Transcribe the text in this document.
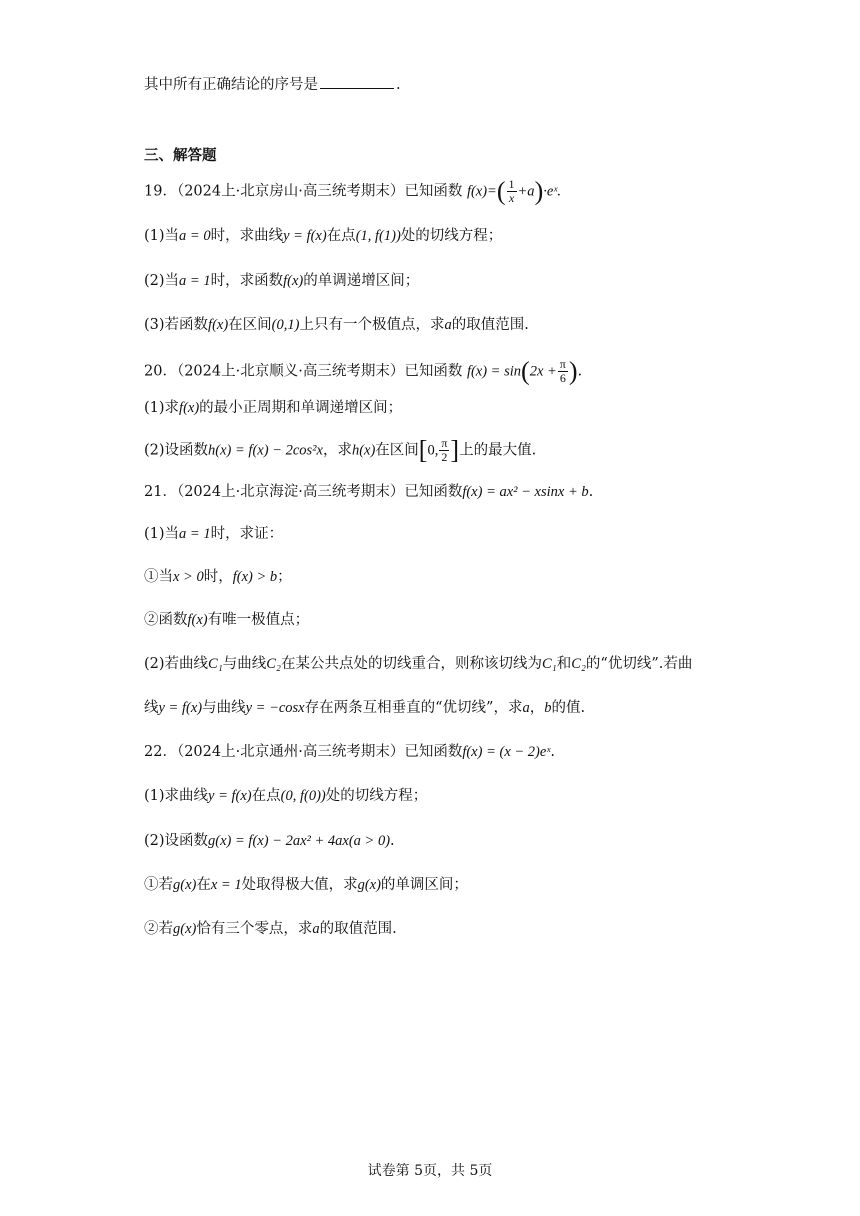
其中所有正确结论的序号是	.
三、解答题
19．（2024上·北京房山·高三统考期末）已知函数 $f(x)=( \frac{1}{x}$ +a)·eˣ.
(1)当a = 0时，求曲线y = f(x)在点(1, f(1))处的切线方程；
(2)当a = 1时，求函数f(x)的单调递增区间；
(3)若函数f(x)在区间(0,1)上只有一个极值点，求a的取值范围.
20．（2024上·北京顺义·高三统考期末）已知函数 $f(x) = \sin(2x + \frac{\pi}{6}$ ).
(1)求f(x)的最小正周期和单调递增区间；
(2)设函数h(x) = f(x) − 2cos²x，求h(x)在区间[0, $\frac{\pi}{2}$ ]上的最大值.
21．（2024上·北京海淀·高三统考期末）已知函数f(x) = ax² − xsinx + b.
(1)当a = 1时，求证：
①当x > 0时，f(x) > b；
②函数f(x)有唯一极值点；
(2)若曲线C₁与曲线C₂在某公共点处的切线重合，则称该切线为C₁和C₂的“优切线”.若曲
线y = f(x)与曲线y = −cosx存在两条互相垂直的“优切线”，求a，b的值.
22．（2024上·北京通州·高三统考期末）已知函数f(x) = (x − 2)eˣ.
(1)求曲线y = f(x)在点(0, f(0))处的切线方程；
(2)设函数g(x) = f(x) − 2ax² + 4ax(a > 0).
①若g(x)在x = 1处取得极大值，求g(x)的单调区间；
②若g(x)恰有三个零点，求a的取值范围.
试卷第 5页，共 5页
